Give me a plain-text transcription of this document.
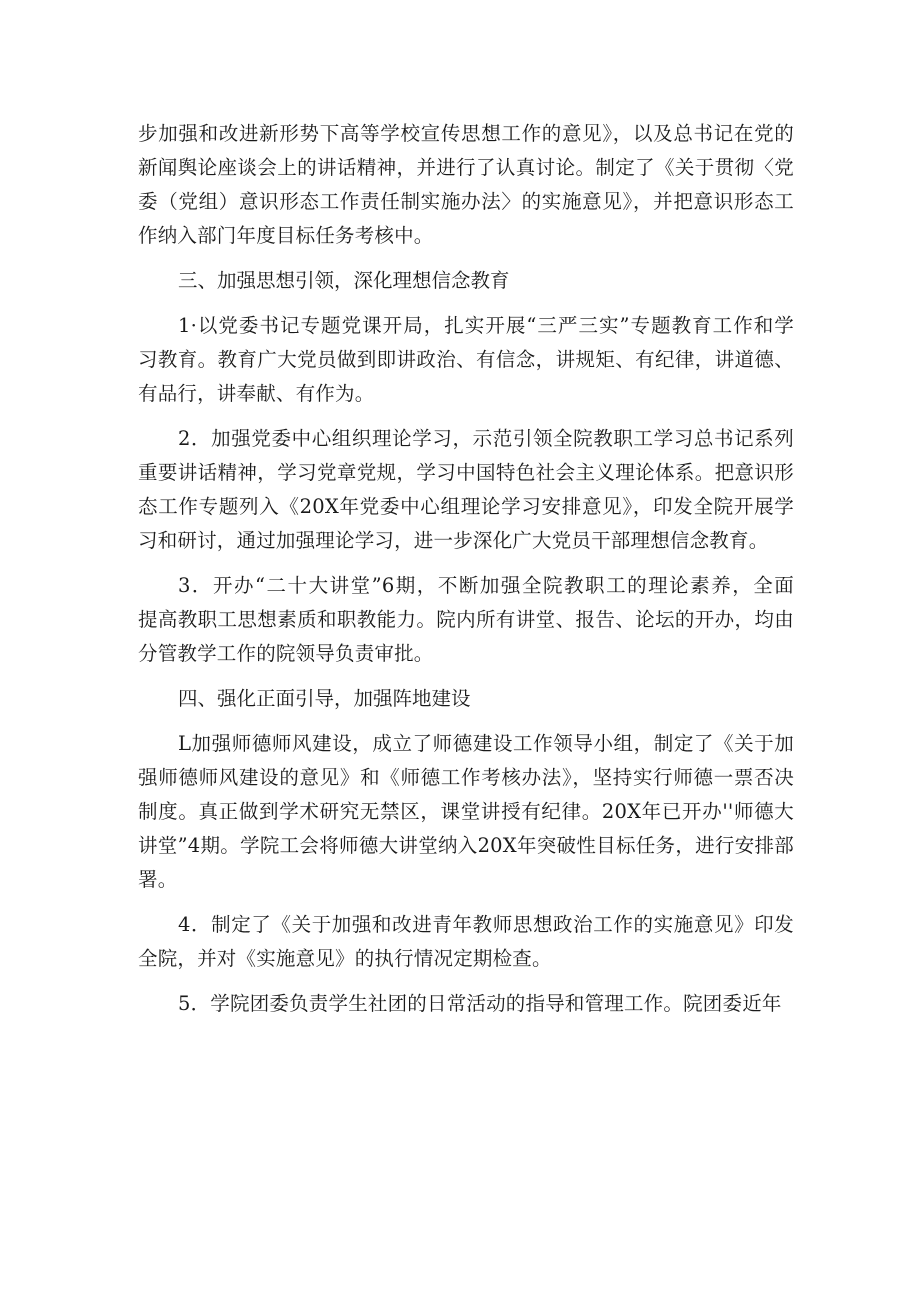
步加强和改进新形势下高等学校宣传思想工作的意见》，以及总书记在党的
新闻舆论座谈会上的讲话精神，并进行了认真讨论。制定了《关于贯彻〈党
委（党组）意识形态工作责任制实施办法〉的实施意见》，并把意识形态工
作纳入部门年度目标任务考核中。
三、加强思想引领，深化理想信念教育
1·以党委书记专题党课开局，扎实开展“三严三实”专题教育工作和学
习教育。教育广大党员做到即讲政治、有信念，讲规矩、有纪律，讲道德、
有品行，讲奉献、有作为。
2．加强党委中心组织理论学习，示范引领全院教职工学习总书记系列
重要讲话精神，学习党章党规，学习中国特色社会主义理论体系。把意识形
态工作专题列入《20X年党委中心组理论学习安排意见》，印发全院开展学
习和研讨，通过加强理论学习，进一步深化广大党员干部理想信念教育。
3．开办“二十大讲堂”6期，不断加强全院教职工的理论素养，全面
提高教职工思想素质和职教能力。院内所有讲堂、报告、论坛的开办，均由
分管教学工作的院领导负责审批。
四、强化正面引导，加强阵地建设
L加强师德师风建设，成立了师德建设工作领导小组，制定了《关于加
强师德师风建设的意见》和《师德工作考核办法》，坚持实行师德一票否决
制度。真正做到学术研究无禁区，课堂讲授有纪律。20X年已开办''师德大
讲堂”4期。学院工会将师德大讲堂纳入20X年突破性目标任务，进行安排部
署。
4．制定了《关于加强和改进青年教师思想政治工作的实施意见》印发
全院，并对《实施意见》的执行情况定期检查。
5．学院团委负责学生社团的日常活动的指导和管理工作。院团委近年
